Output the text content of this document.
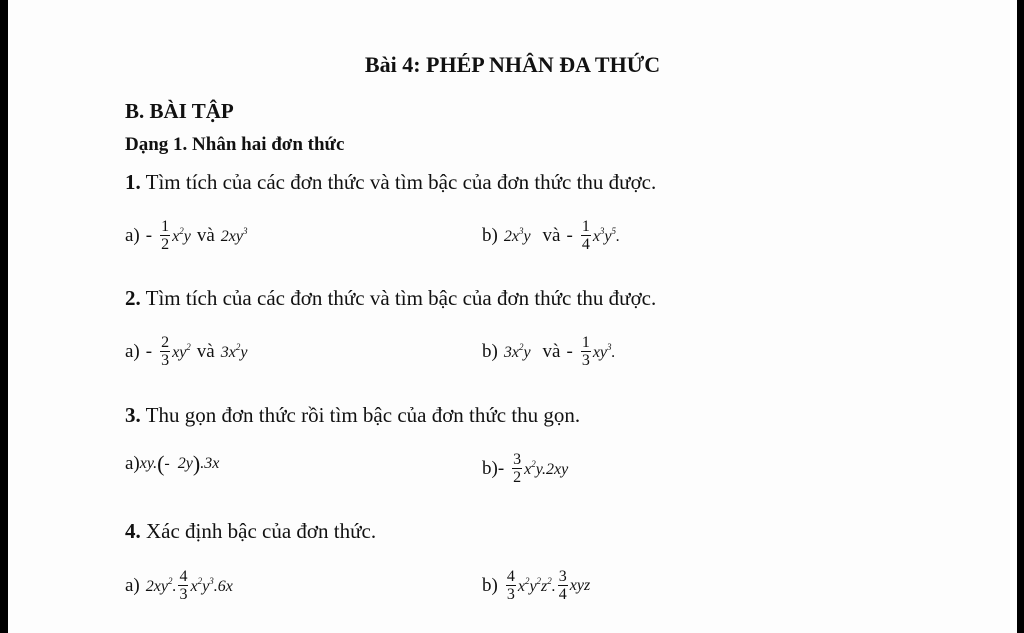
Bài 4: PHÉP NHÂN ĐA THỨC
B. BÀI TẬP
Dạng 1. Nhân hai đơn thức
1. Tìm tích của các đơn thức và tìm bậc của đơn thức thu được.
$a) - \frac{1}{2} x^2y$ và $2xy^3$	b) $2x^3y$ và - $\frac{1}{4} x^3y^5$.
2. Tìm tích của các đơn thức và tìm bậc của đơn thức thu được.
$a) - \frac{2}{3} xy^2$ và $3x^2y$	b) $3x^2y$ và - $\frac{1}{3} xy^3$.
3. Thu gọn đơn thức rồi tìm bậc của đơn thức thu gọn.
a) xy. ( -  2y ) .3x	$b) - \frac{3}{2} x^2y.2xy$
4. Xác định bậc của đơn thức.
a) $2xy^2$. $\frac{4}{3} x^2y^3.6x$	$b) \frac{4}{3} x^2y^2z^2$. $\frac{3}{4}$ xyz
